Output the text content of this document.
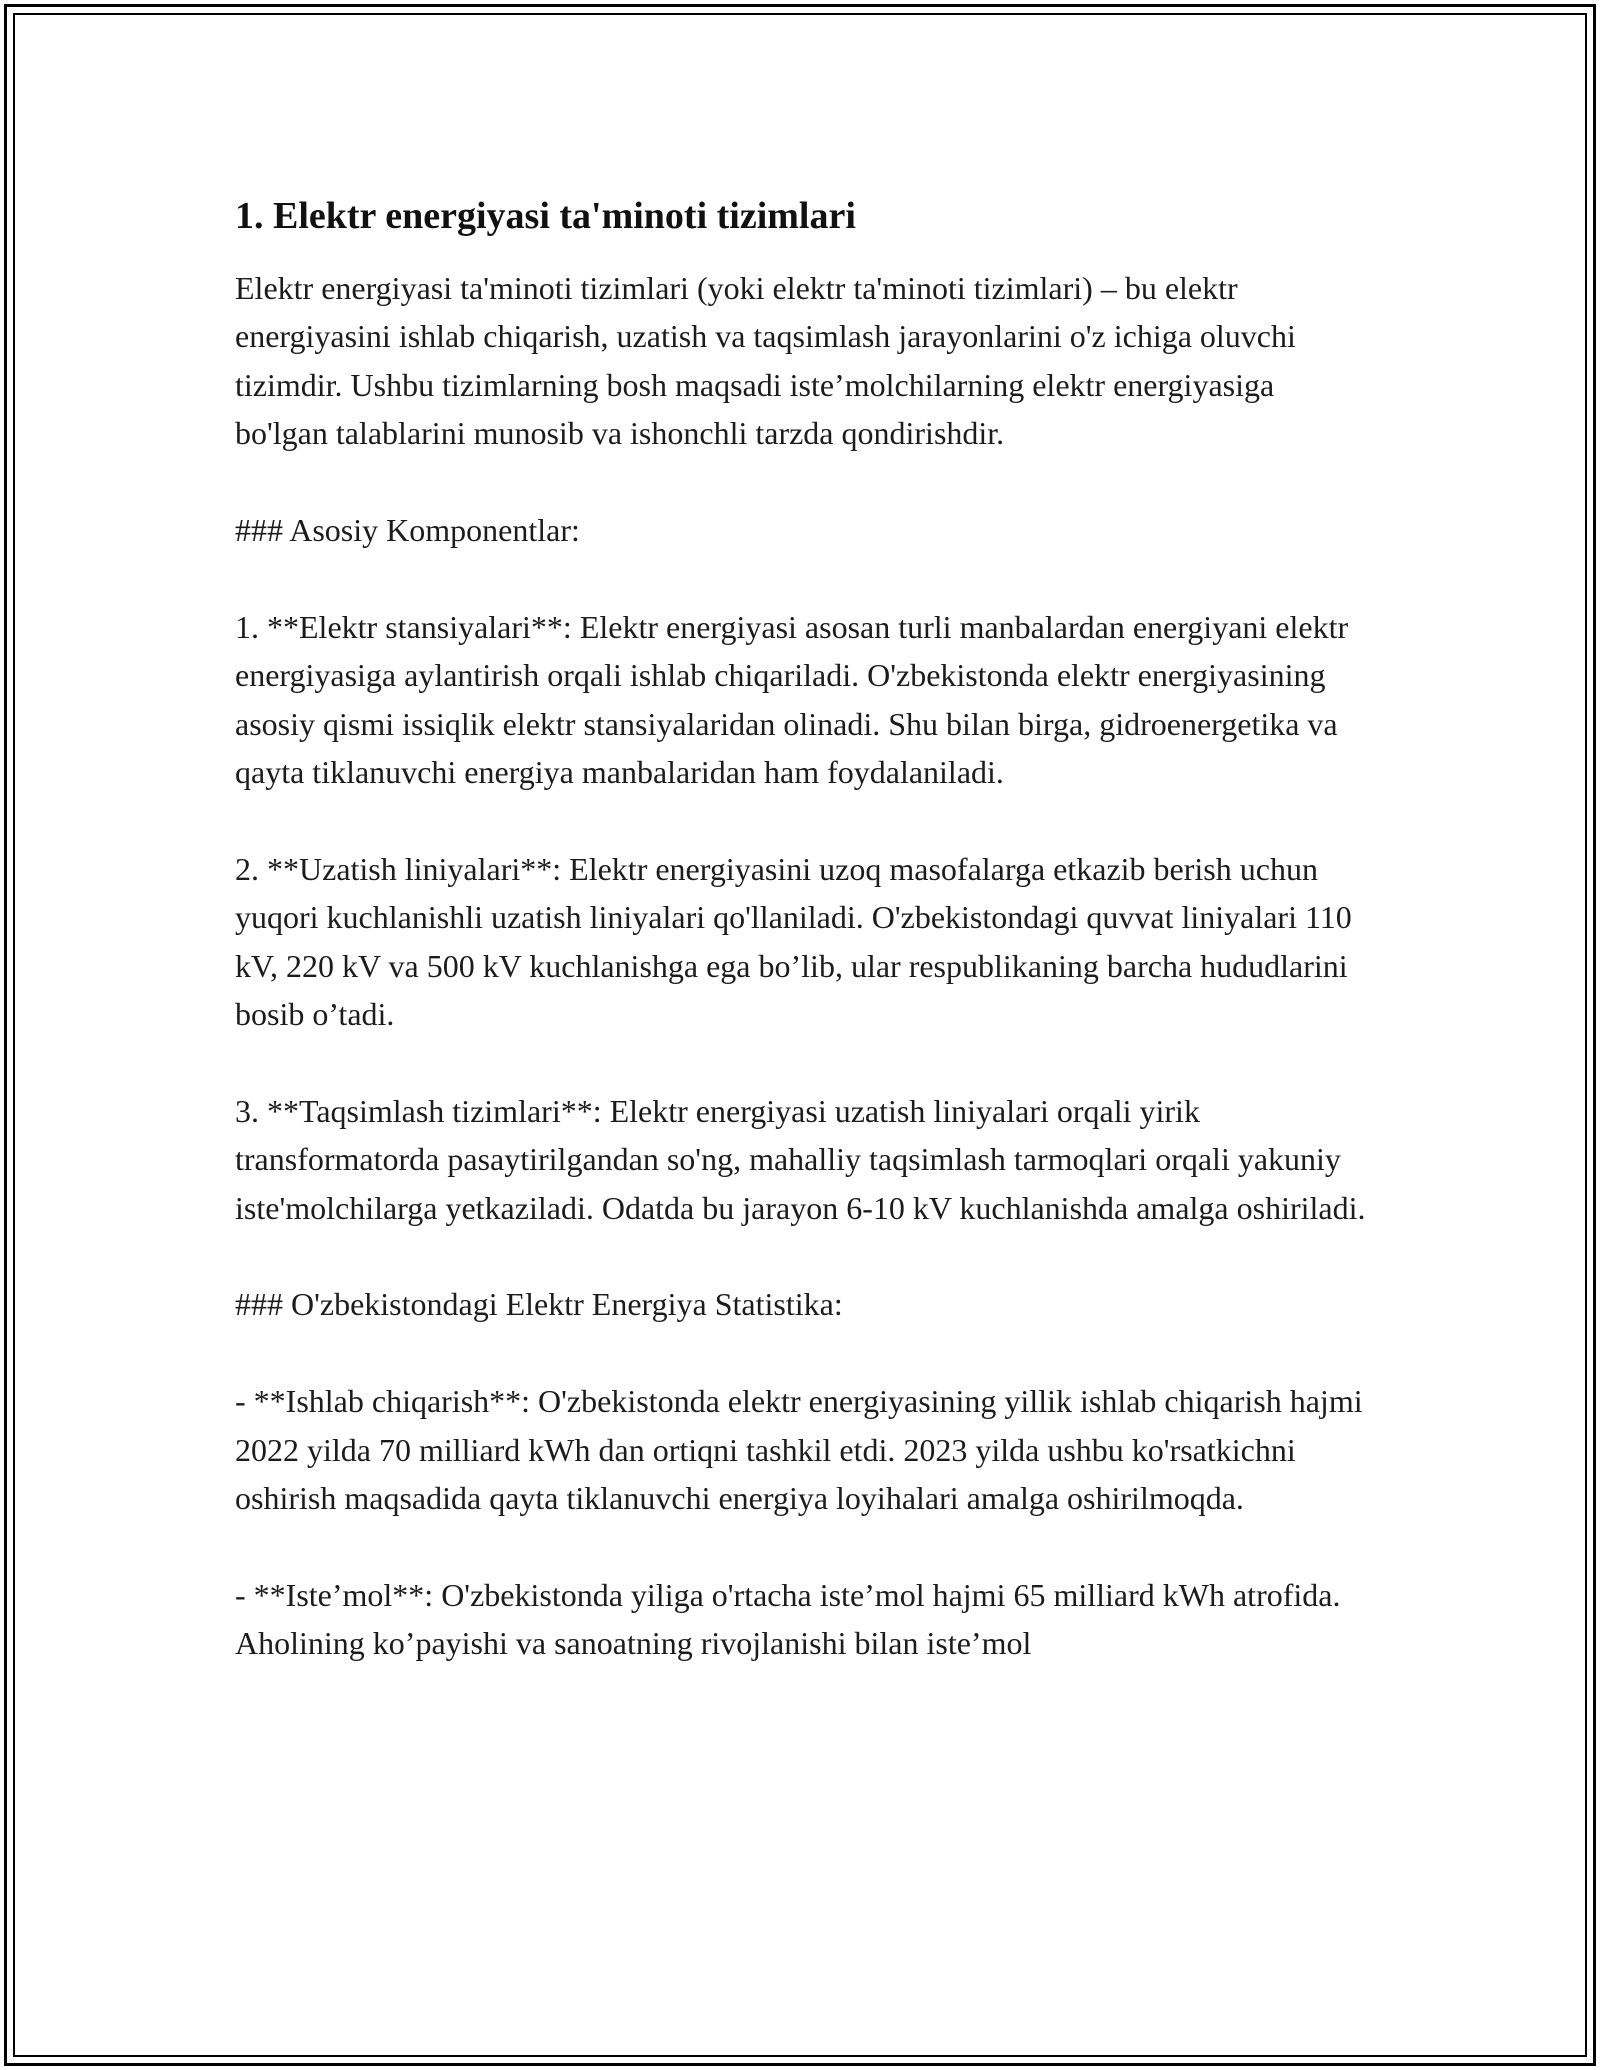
1. Elektr energiyasi ta'minoti tizimlari

Elektr energiyasi ta'minoti tizimlari (yoki elektr ta'minoti tizimlari) – bu elektr energiyasini ishlab chiqarish, uzatish va taqsimlash jarayonlarini o'z ichiga oluvchi tizimdir. Ushbu tizimlarning bosh maqsadi iste’molchilarning elektr energiyasiga bo'lgan talablarini munosib va ishonchli tarzda qondirishdir.

### Asosiy Komponentlar:

1. **Elektr stansiyalari**: Elektr energiyasi asosan turli manbalardan energiyani elektr energiyasiga aylantirish orqali ishlab chiqariladi. O'zbekistonda elektr energiyasining asosiy qismi issiqlik elektr stansiyalaridan olinadi. Shu bilan birga, gidroenergetika va qayta tiklanuvchi energiya manbalaridan ham foydalaniladi.

2. **Uzatish liniyalari**: Elektr energiyasini uzoq masofalarga etkazib berish uchun yuqori kuchlanishli uzatish liniyalari qo'llaniladi. O'zbekistondagi quvvat liniyalari 110 kV, 220 kV va 500 kV kuchlanishga ega bo’lib, ular respublikaning barcha hududlarini bosib o’tadi.

3. **Taqsimlash tizimlari**: Elektr energiyasi uzatish liniyalari orqali yirik transformatorda pasaytirilgandan so'ng, mahalliy taqsimlash tarmoqlari orqali yakuniy iste'molchilarga yetkaziladi. Odatda bu jarayon 6-10 kV kuchlanishda amalga oshiriladi.

### O'zbekistondagi Elektr Energiya Statistika:

- **Ishlab chiqarish**: O'zbekistonda elektr energiyasining yillik ishlab chiqarish hajmi 2022 yilda 70 milliard kWh dan ortiqni tashkil etdi. 2023 yilda ushbu ko'rsatkichni oshirish maqsadida qayta tiklanuvchi energiya loyihalari amalga oshirilmoqda.

- **Iste’mol**: O'zbekistonda yiliga o'rtacha iste’mol hajmi 65 milliard kWh atrofida. Aholining ko’payishi va sanoatning rivojlanishi bilan iste’mol
